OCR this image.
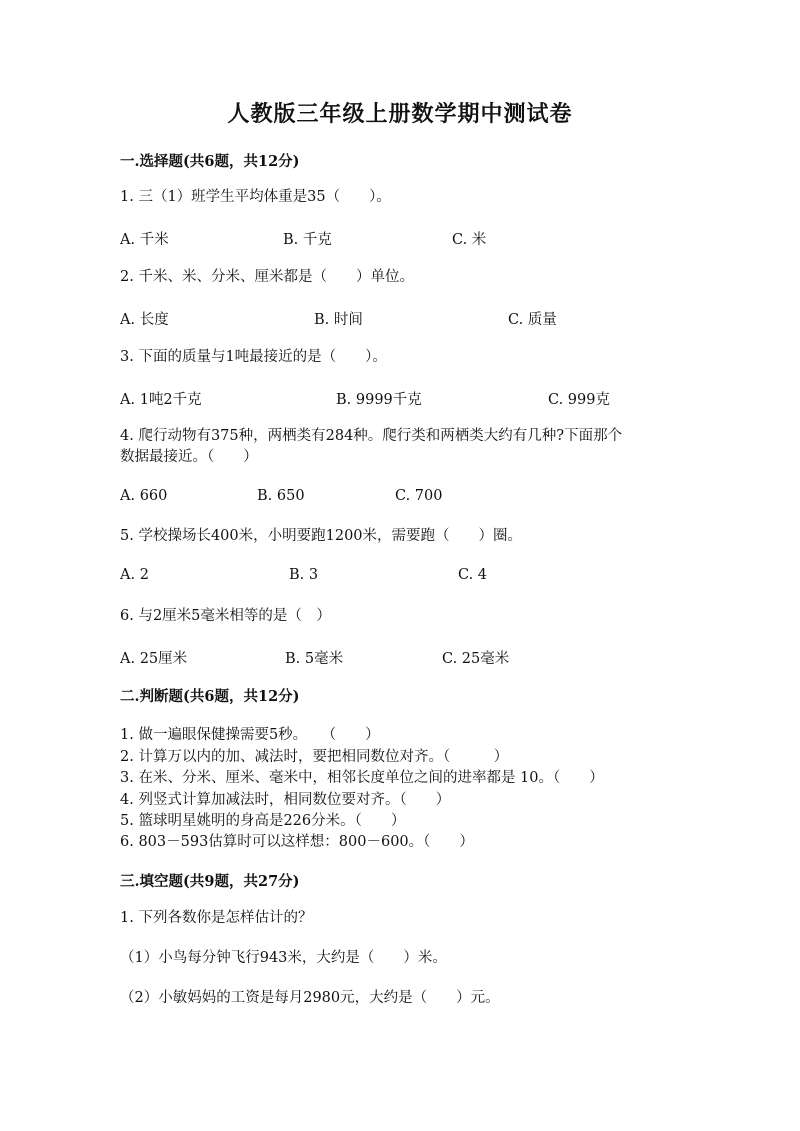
人教版三年级上册数学期中测试卷
一.选择题(共6题，共12分)
1. 三（1）班学生平均体重是35（　　）。
A. 千米	B. 千克	C. 米
2. 千米、米、分米、厘米都是（　　）单位。
A. 长度	B. 时间	C. 质量
3. 下面的质量与1吨最接近的是（　　）。
A. 1吨2千克	B. 9999千克	C. 999克
4. 爬行动物有375种，两栖类有284种。爬行类和两栖类大约有几种?下面那个
数据最接近。（　　）
A. 660	B. 650	C. 700
5. 学校操场长400米，小明要跑1200米，需要跑（　　）圈。
A. 2	B. 3	C. 4
6. 与2厘米5毫米相等的是（　）
A. 25厘米	B. 5毫米	C. 25毫米
二.判断题(共6题，共12分)
1. 做一遍眼保健操需要5秒。　　（　　）
2. 计算万以内的加、减法时，要把相同数位对齐。（　　　）
3. 在米、分米、厘米、毫米中，相邻长度单位之间的进率都是 10。（　　）
4. 列竖式计算加减法时，相同数位要对齐。（　　）
5. 篮球明星姚明的身高是226分米。（　　）
6. 803－593估算时可以这样想：800－600。（　　）
三.填空题(共9题，共27分)
1. 下列各数你是怎样估计的？
（1）小鸟每分钟飞行943米，大约是（　　）米。
（2）小敏妈妈的工资是每月2980元，大约是（　　）元。
